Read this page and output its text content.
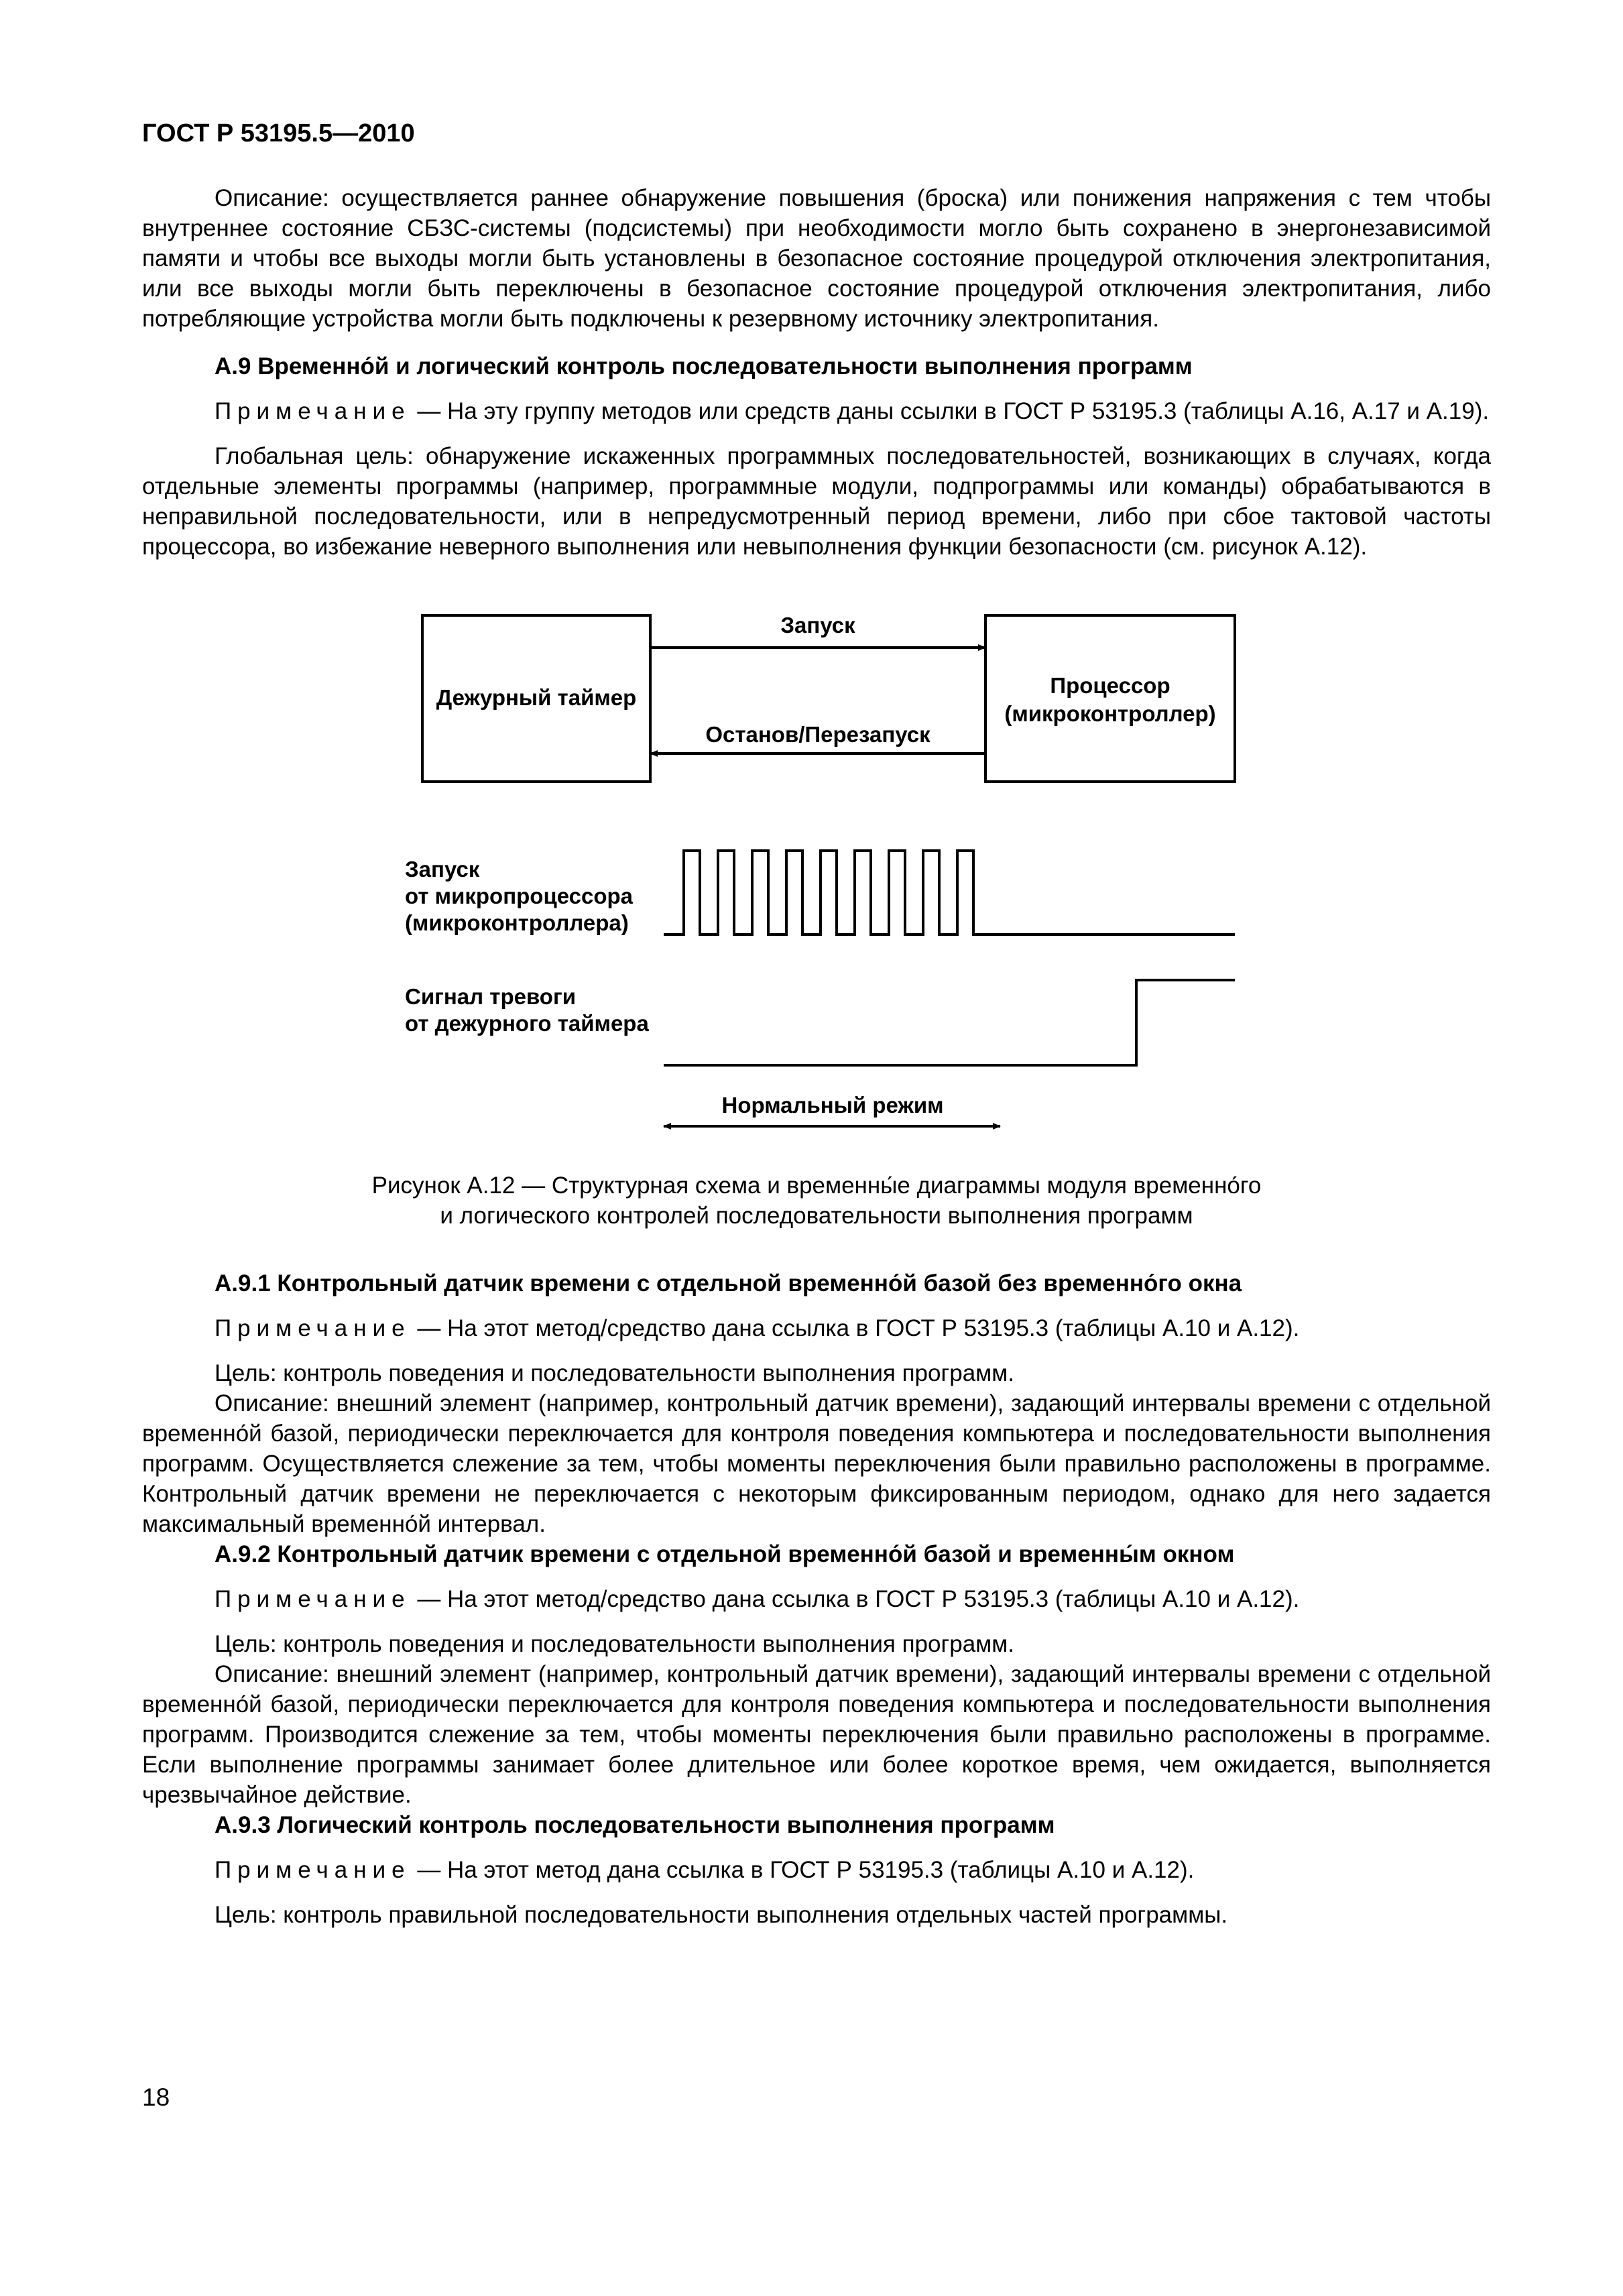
ГОСТ Р 53195.5—2010

Описание: осуществляется раннее обнаружение повышения (броска) или понижения напряжения с тем чтобы внутреннее состояние СБЗС-системы (подсистемы) при необходимости могло быть сохранено в энергонезависимой памяти и чтобы все выходы могли быть установлены в безопасное состояние процедурой отключения электропитания, или все выходы могли быть переключены в безопасное состояние процедурой отключения электропитания, либо потребляющие устройства могли быть подключены к резервному источнику электропитания.

А.9 Временно́й и логический контроль последовательности выполнения программ

Примечание — На эту группу методов или средств даны ссылки в ГОСТ Р 53195.3 (таблицы А.16, А.17 и А.19).

Глобальная цель: обнаружение искаженных программных последовательностей, возникающих в случаях, когда отдельные элементы программы (например, программные модули, подпрограммы или команды) обрабатываются в неправильной последовательности, или в непредусмотренный период времени, либо при сбое тактовой частоты процессора, во избежание неверного выполнения или невыполнения функции безопасности (см. рисунок А.12).

Дежурный таймер	Процессор
(микроконтроллер)
Запуск
Останов/Перезапуск
Запуск
от микропроцессора
(микроконтроллера)
Сигнал тревоги
от дежурного таймера
Нормальный режим
Рисунок А.12 — Структурная схема и временны́е диаграммы модуля временно́го
и логического контролей последовательности выполнения программ
А.9.1 Контрольный датчик времени с отдельной временно́й базой без временно́го окна

Примечание — На этот метод/средство дана ссылка в ГОСТ Р 53195.3 (таблицы А.10 и А.12).

Цель: контроль поведения и последовательности выполнения программ.

Описание: внешний элемент (например, контрольный датчик времени), задающий интервалы времени с отдельной временно́й базой, периодически переключается для контроля поведения компьютера и последовательности выполнения программ. Осуществляется слежение за тем, чтобы моменты переключения были правильно расположены в программе. Контрольный датчик времени не переключается с некоторым фиксированным периодом, однако для него задается максимальный временно́й интервал.

А.9.2 Контрольный датчик времени с отдельной временно́й базой и временны́м окном

Примечание — На этот метод/средство дана ссылка в ГОСТ Р 53195.3 (таблицы А.10 и А.12).

Цель: контроль поведения и последовательности выполнения программ.

Описание: внешний элемент (например, контрольный датчик времени), задающий интервалы времени с отдельной временно́й базой, периодически переключается для контроля поведения компьютера и последовательности выполнения программ. Производится слежение за тем, чтобы моменты переключения были правильно расположены в программе. Если выполнение программы занимает более длительное или более короткое время, чем ожидается, выполняется чрезвычайное действие.

А.9.3 Логический контроль последовательности выполнения программ

Примечание — На этот метод дана ссылка в ГОСТ Р 53195.3 (таблицы А.10 и А.12).

Цель: контроль правильной последовательности выполнения отдельных частей программы.

18
